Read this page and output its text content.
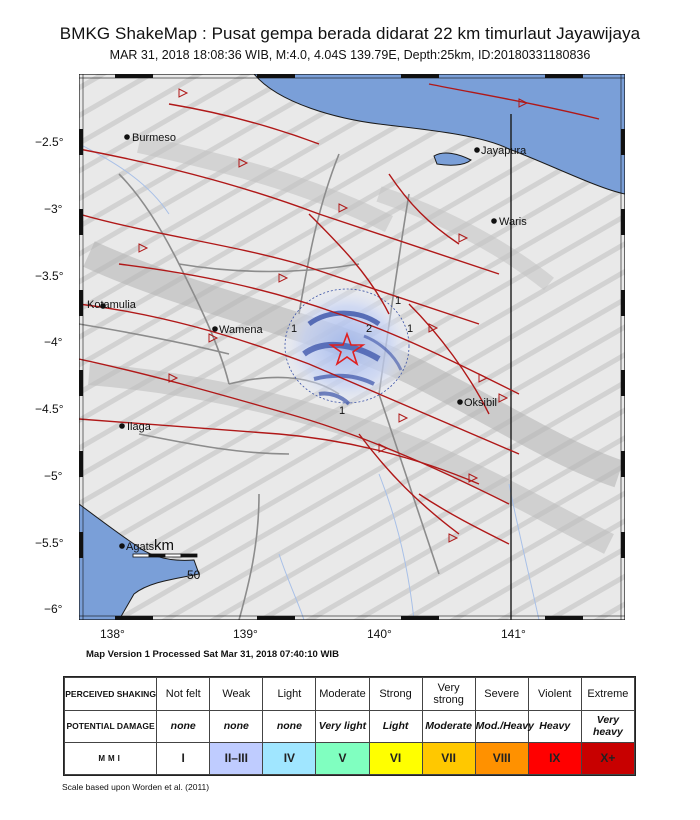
BMKG ShakeMap : Pusat gempa berada didarat 22 km timurlaut Jayawijaya
MAR 31, 2018 18:08:36 WIB, M:4.0, 4.04S 139.79E, Depth:25km, ID:20180331180836
1
1	1
2
1
Burmeso
Jayapura
Waris
Kotamulia
Wamena
Oksibil
Ilaga
Agats km
50
−2.5°
−3°
−3.5°
−4°
−4.5°
−5°
−5.5°
−6°
138°	139°	140°	141°
Map Version 1 Processed Sat Mar 31, 2018 07:40:10 WIB
PERCEIVED SHAKING	Not felt	Weak	Light	Moderate	Strong	Very strong	Severe	Violent	Extreme
POTENTIAL DAMAGE	none	none	none	Very light	Light	Moderate	Mod./Heavy	Heavy	Very heavy
MMI	I	II–III	IV	V	VI	VII	VIII	IX	X+
Scale based upon Worden et al. (2011)
